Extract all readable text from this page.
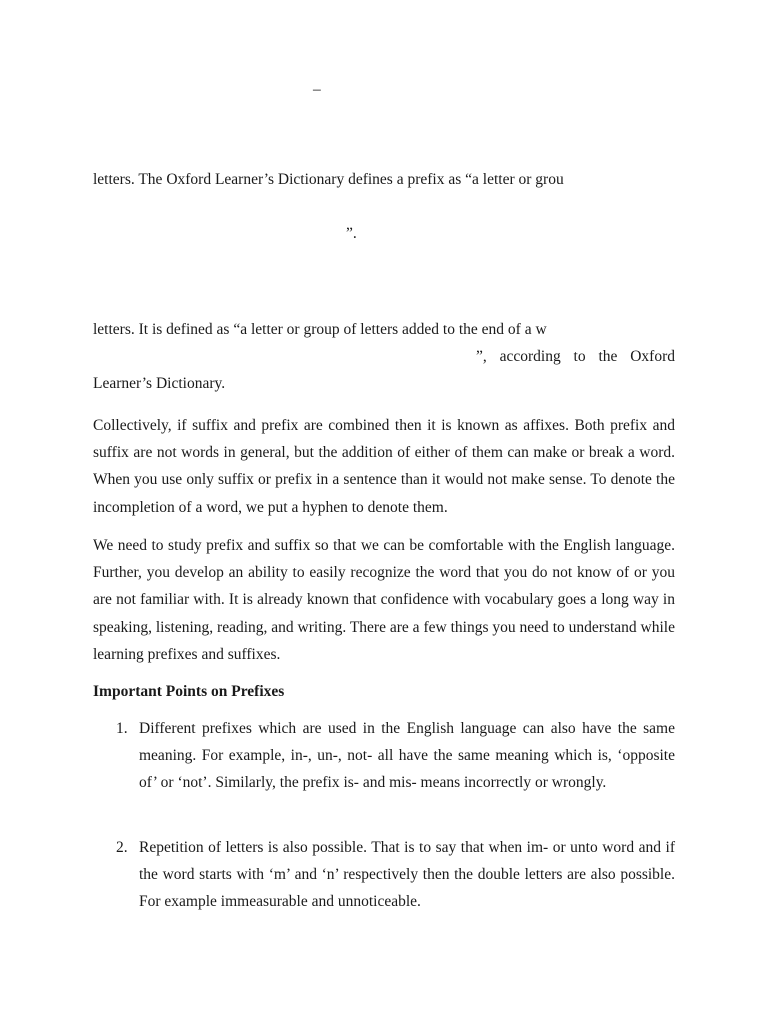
–
letters. The Oxford Learner’s Dictionary defines a prefix as “a letter or grou
”.
letters. It is defined as “a letter or group of letters added to the end of a w
”, according to the Oxford
Learner’s Dictionary.

Collectively, if suffix and prefix are combined then it is known as affixes. Both prefix and suffix are not words in general, but the addition of either of them can make or break a word. When you use only suffix or prefix in a sentence than it would not make sense. To denote the incompletion of a word, we put a hyphen to denote them.

We need to study prefix and suffix so that we can be comfortable with the English language. Further, you develop an ability to easily recognize the word that you do not know of or you are not familiar with. It is already known that confidence with vocabulary goes a long way in speaking, listening, reading, and writing. There are a few things you need to understand while learning prefixes and suffixes.

Important Points on Prefixes
1. Different prefixes which are used in the English language can also have the same meaning. For example, in-, un-, not- all have the same meaning which is, ‘opposite of’ or ‘not’. Similarly, the prefix is- and mis- means incorrectly or wrongly.
2. Repetition of letters is also possible. That is to say that when im- or unto word and if the word starts with ‘m’ and ‘n’ respectively then the double letters are also possible. For example immeasurable and unnoticeable.
